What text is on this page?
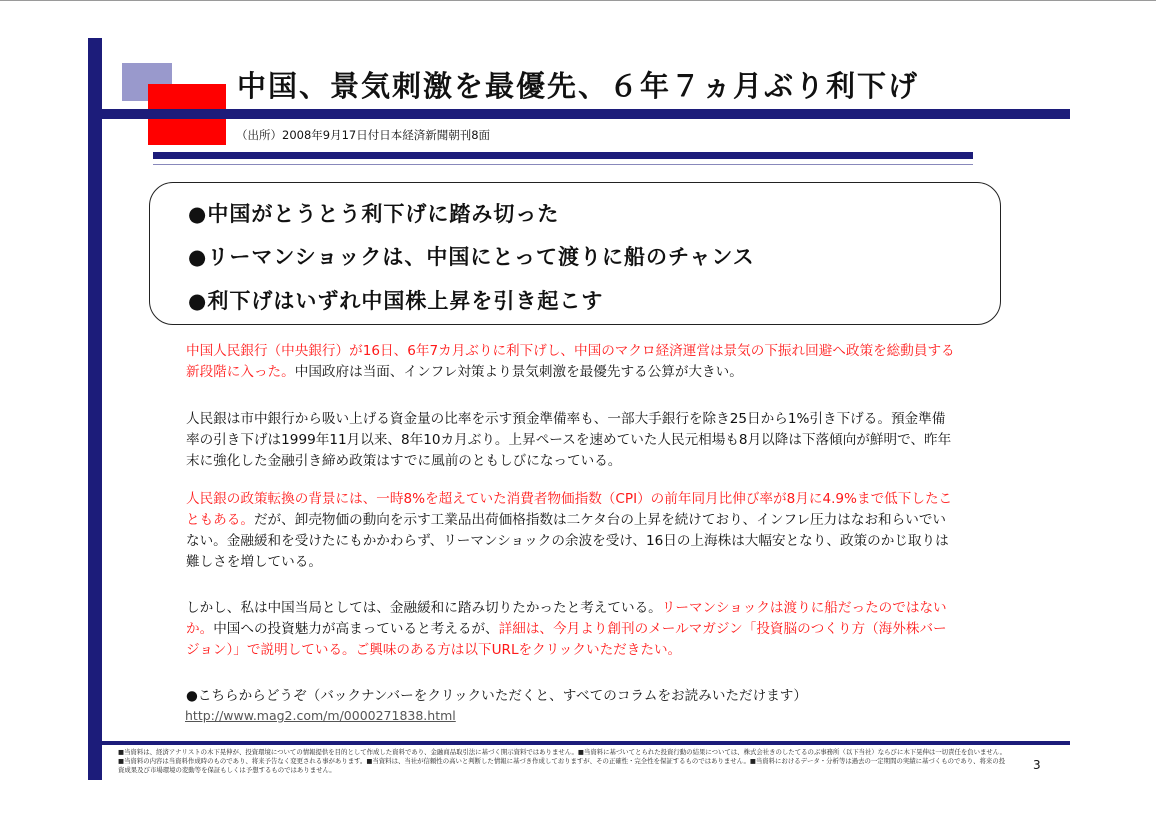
中国、景気刺激を最優先、６年７ヵ月ぶり利下げ
（出所）2008年9月17日付日本経済新聞朝刊8面
●中国がとうとう利下げに踏み切った
●リーマンショックは、中国にとって渡りに船のチャンス
●利下げはいずれ中国株上昇を引き起こす
中国人民銀行（中央銀行）が16日、6年7カ月ぶりに利下げし、中国のマクロ経済運営は景気の下振れ回避へ政策を総動員する新段階に入った。中国政府は当面、インフレ対策より景気刺激を最優先する公算が大きい。
人民銀は市中銀行から吸い上げる資金量の比率を示す預金準備率も、一部大手銀行を除き25日から1%引き下げる。預金準備率の引き下げは1999年11月以来、8年10カ月ぶり。上昇ペースを速めていた人民元相場も8月以降は下落傾向が鮮明で、昨年末に強化した金融引き締め政策はすでに風前のともしびになっている。
人民銀の政策転換の背景には、一時8%を超えていた消費者物価指数（CPI）の前年同月比伸び率が8月に4.9%まで低下したこともある。だが、卸売物価の動向を示す工業品出荷価格指数は二ケタ台の上昇を続けており、インフレ圧力はなお和らいでいない。金融緩和を受けたにもかかわらず、リーマンショックの余波を受け、16日の上海株は大幅安となり、政策のかじ取りは難しさを増している。
しかし、私は中国当局としては、金融緩和に踏み切りたかったと考えている。リーマンショックは渡りに船だったのではないか。中国への投資魅力が高まっていると考えるが、詳細は、今月より創刊のメールマガジン「投資脳のつくり方（海外株バージョン）」で説明している。ご興味のある方は以下URLをクリックいただきたい。
●こちらからどうぞ（バックナンバーをクリックいただくと、すべてのコラムをお読みいただけます）
http://www.mag2.com/m/0000271838.html
■当資料は、経済アナリストの木下晃伸が、投資環境についての情報提供を目的として作成した資料であり、金融商品取引法に基づく開示資料ではありません。■当資料に基づいてとられた投資行動の結果については、株式会社きのしたてるのぶ事務所（以下当社）ならびに木下晃伸は一切責任を負いません。■当資料の内容は当資料作成時のものであり、将来予告なく変更される事があります。■当資料は、当社が信頼性の高いと判断した情報に基づき作成しておりますが、その正確性・完全性を保証するものではありません。■当資料におけるデータ・分析等は過去の一定期間の実績に基づくものであり、将来の投資成果及び市場環境の変動等を保証もしくは予想するものではありません。	3
